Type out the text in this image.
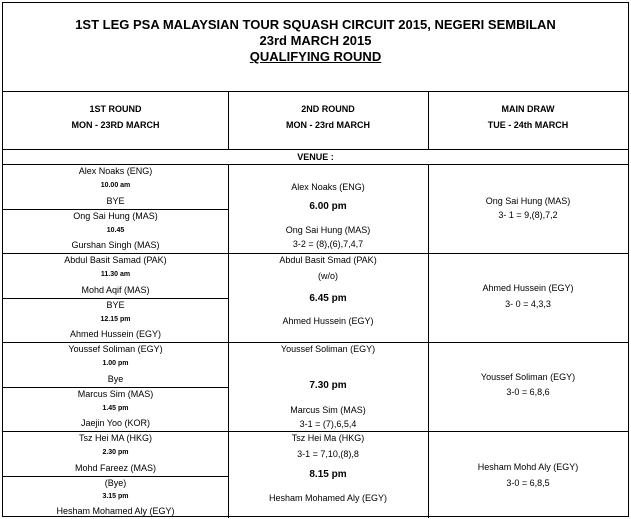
1ST LEG PSA MALAYSIAN TOUR SQUASH CIRCUIT 2015, NEGERI SEMBILAN
23rd MARCH 2015
QUALIFYING ROUND
1ST ROUND
MON - 23RD MARCH
2ND ROUND
MON - 23rd MARCH
MAIN DRAW
TUE - 24th MARCH
VENUE :
Alex Noaks (ENG)
10.00 am
BYE
Ong Sai Hung (MAS)
10.45
Gurshan Singh (MAS)
Alex Noaks (ENG)
6.00 pm
Ong Sai Hung (MAS)
3-2 = (8),(6),7,4,7
Ong Sai Hung (MAS)
3- 1 = 9,(8),7,2
Abdul Basit Samad (PAK)
11.30 am
Mohd Aqif (MAS)
BYE
12.15 pm
Ahmed Hussein (EGY)
Abdul Basit Smad (PAK)
(w/o)
6.45 pm
Ahmed Hussein (EGY)
Ahmed Hussein (EGY)
3- 0 = 4,3,3
Youssef Soliman (EGY)
1.00 pm
Bye
Marcus Sim (MAS)
1.45 pm
Jaejin Yoo (KOR)
Youssef Soliman (EGY)
7.30 pm
Marcus Sim (MAS)
3-1 = (7),6,5,4
Youssef Soliman (EGY)
3-0 = 6,8,6
Tsz Hei MA (HKG)
2.30 pm
Mohd Fareez (MAS)
(Bye)
3.15 pm
Hesham Mohamed Aly (EGY)
Tsz Hei Ma (HKG)
3-1 = 7,10,(8),8
8.15 pm
Hesham Mohamed Aly (EGY)
Hesham Mohd Aly (EGY)
3-0 = 6,8,5
